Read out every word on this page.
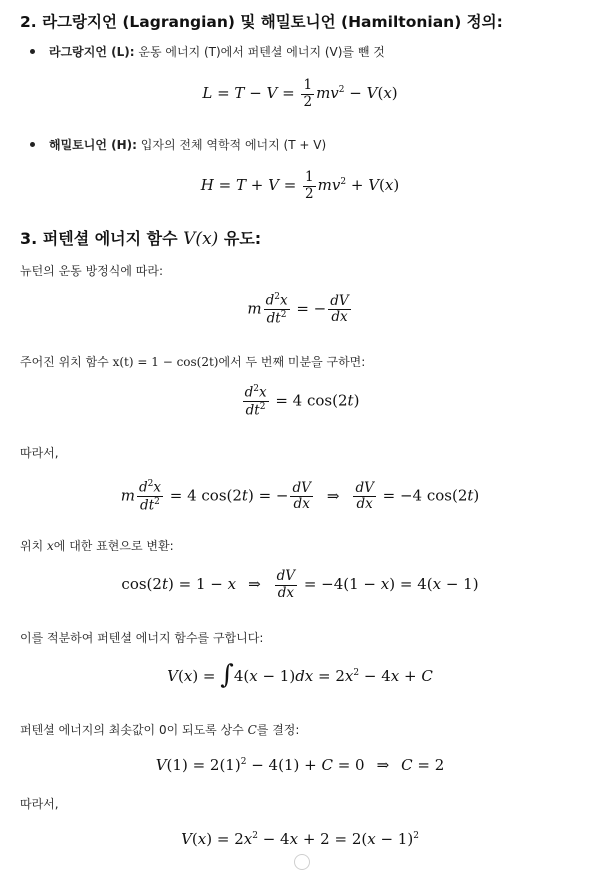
2. 라그랑지언 (Lagrangian) 및 해밀토니언 (Hamiltonian) 정의:
라그랑지언 (L): 운동 에너지 (T)에서 퍼텐셜 에너지 (V)를 뺀 것
$L = T - V = \frac{1}{2} mv^2 - V(x)$
해밀토니언 (H): 입자의 전체 역학적 에너지 (T + V)
$H = T + V = \frac{1}{2} mv^2 + V(x)$
3. 퍼텐셜 에너지 함수 V(x) 유도:
뉴턴의 운동 방정식에 따라:
m $\frac{d^2x}{dt^2}$ = − $\frac{dV}{dx}$
주어진 위치 함수 x(t) = 1 − cos(2t)에서 두 번째 미분을 구하면:
$\frac{d^2x}{dt^2} = 4$ cos(2t)
따라서,
m $\frac{d^2x}{dt^2} = 4$ cos(2t) = − $\frac{dV}{dx}$ ⇒ $\frac{dV}{dx} = -4$ cos(2t)
위치 x에 대한 표현으로 변환:
cos(2t) = 1 − x ⇒ $\frac{dV}{dx} = -4(1 - x) = 4(x - 1)$
이를 적분하여 퍼텐셜 에너지 함수를 구합니다:
$V(x) = \int 4(x - 1)dx = 2x^2 - 4x + C$
퍼텐셜 에너지의 최솟값이 0이 되도록 상수 C를 결정:
$V(1) = 2(1)^2 - 4(1) + C = 0$ ⇒ C = 2
따라서,
$V(x) = 2x^2 - 4x + 2 = 2(x - 1)^2$
